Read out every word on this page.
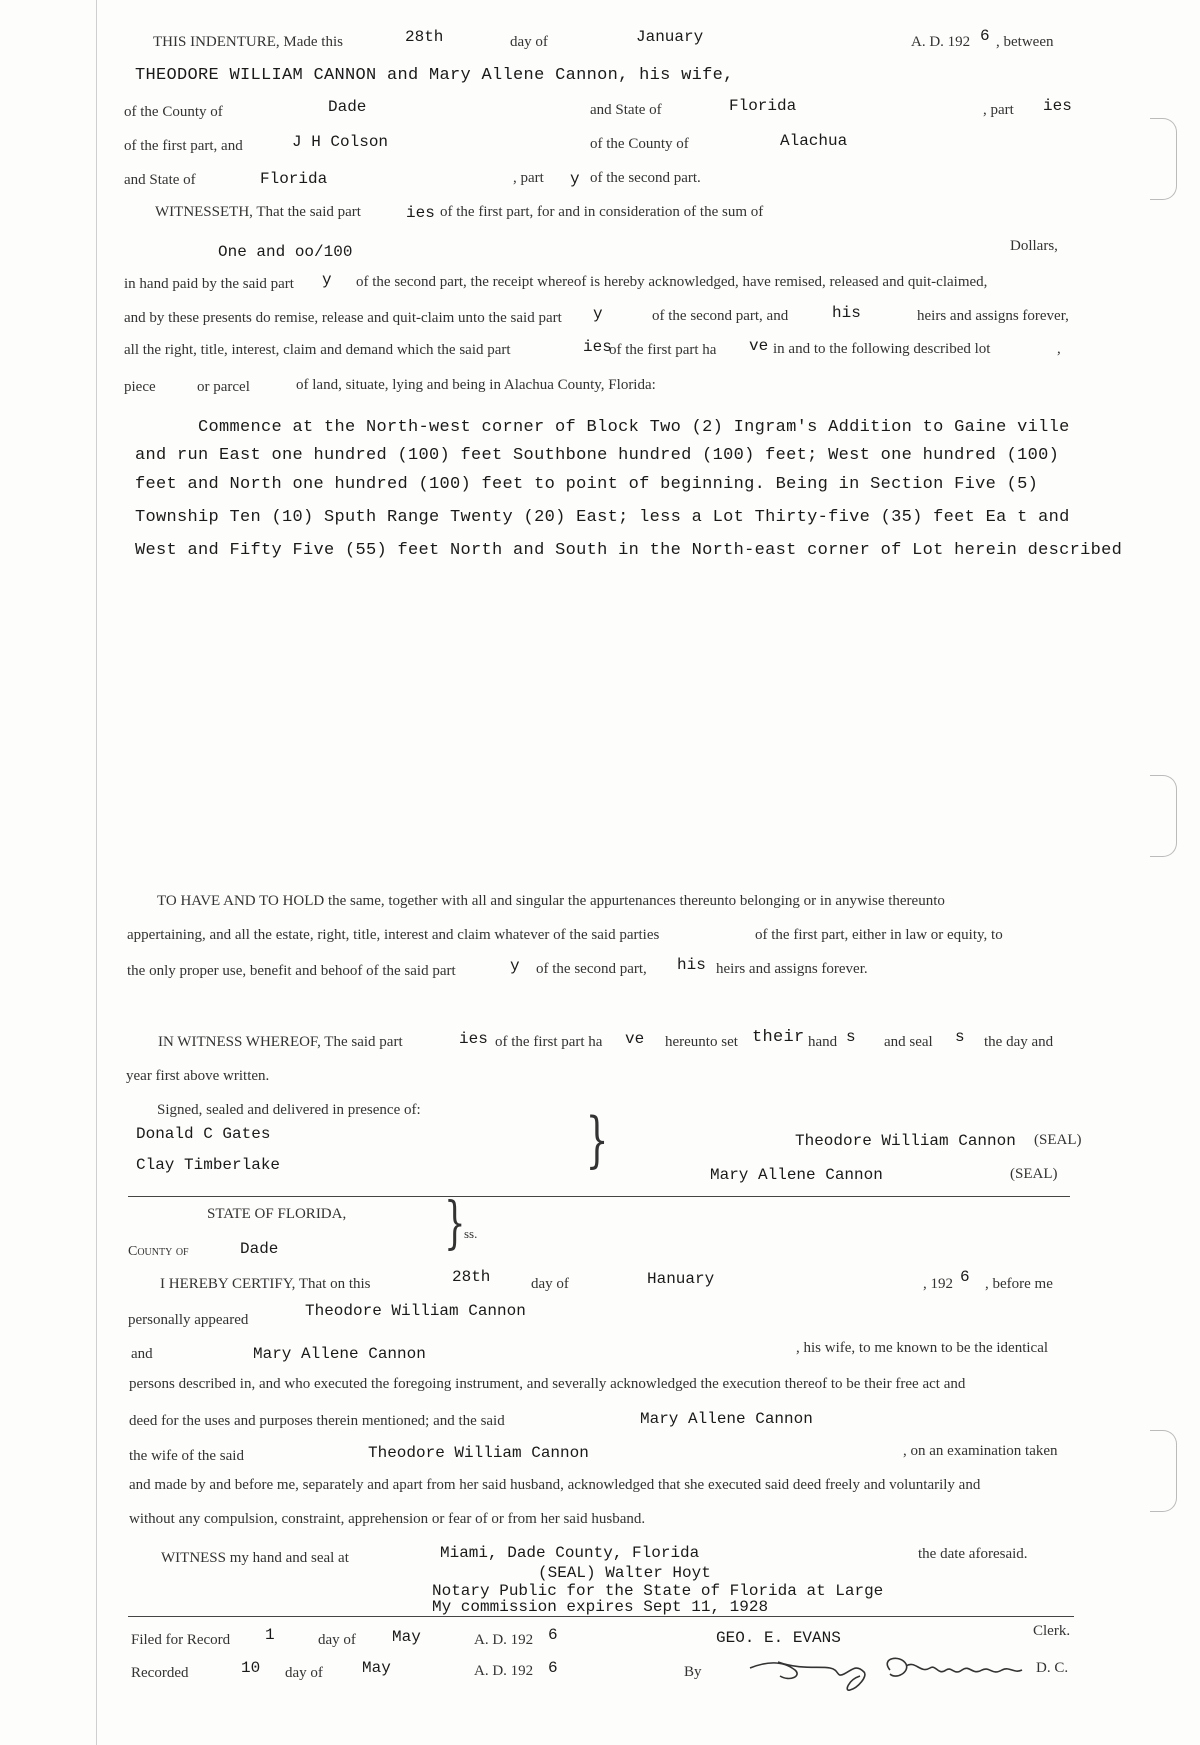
THIS INDENTURE, Made this	28th	day of	January	A. D. 192 6 , between
THEODORE WILLIAM CANNON and Mary Allene Cannon, his wife,
of the County of	Dade	and State of	Florida	, part ies
of the first part, and	J H Colson	of the County of	Alachua
and State of	Florida	, part y of the second part.
WITNESSETH, That the said part	ies of the first part, for and in consideration of the sum of
One and oo/100	Dollars,
in hand paid by the said part y of the second part, the receipt whereof is hereby acknowledged, have remised, released and quit-claimed,
and by these presents do remise, release and quit-claim unto the said part y	of the second part, and	his	heirs and assigns forever,
all the right, title, interest, claim and demand which the said part	ies
of the first part ha ve in and to the following described lot	,
piece	or parcel	of land, situate, lying and being in Alachua County, Florida:
Commence at the North-west corner of Block Two (2) Ingram's Addition to Gaine ville
and run East one hundred (100) feet Southbone hundred (100) feet; West one hundred (100)
feet and North one hundred (100) feet to point of beginning. Being in Section Five (5)
Township Ten (10) Sputh Range Twenty (20) East; less a Lot Thirty-five (35) feet Ea t and
West and Fifty Five (55) feet North and South in the North-east corner of Lot herein described
TO HAVE AND TO HOLD the same, together with all and singular the appurtenances thereunto belonging or in anywise thereunto
appertaining, and all the estate, right, title, interest and claim whatever of the said parties	of the first part, either in law or equity, to
the only proper use, benefit and behoof of the said part	y of the second part, his heirs and assigns forever.
IN WITNESS WHEREOF, The said part	ies of the first part ha ve hereunto set their hand s and seal s the day and
year first above written.
Signed, sealed and delivered in presence of:
Donald C Gates
Clay Timberlake	}	Theodore William Cannon (SEAL)
Mary Allene Cannon	(SEAL)
STATE OF FLORIDA, }
ss.
County of	Dade
I HEREBY CERTIFY, That on this	28th	day of	Hanuary	, 192 6 , before me
personally appeared	Theodore William Cannon
and	Mary Allene Cannon	, his wife, to me known to be the identical
persons described in, and who executed the foregoing instrument, and severally acknowledged the execution thereof to be their free act and
deed for the uses and purposes therein mentioned; and the said	Mary Allene Cannon
the wife of the said	Theodore William Cannon	, on an examination taken
and made by and before me, separately and apart from her said husband, acknowledged that she executed said deed freely and voluntarily and
without any compulsion, constraint, apprehension or fear of or from her said husband.
WITNESS my hand and seal at	Miami, Dade County, Florida	the date aforesaid.
(SEAL) Walter Hoyt
Notary Public for the State of Florida at Large
My commission expires Sept 11, 1928
Filed for Record 1	day of May	A. D. 192 6	Clerk.
GEO. E. EVANS
Recorded	10 day of May	A. D. 192 6	By	D. C.
